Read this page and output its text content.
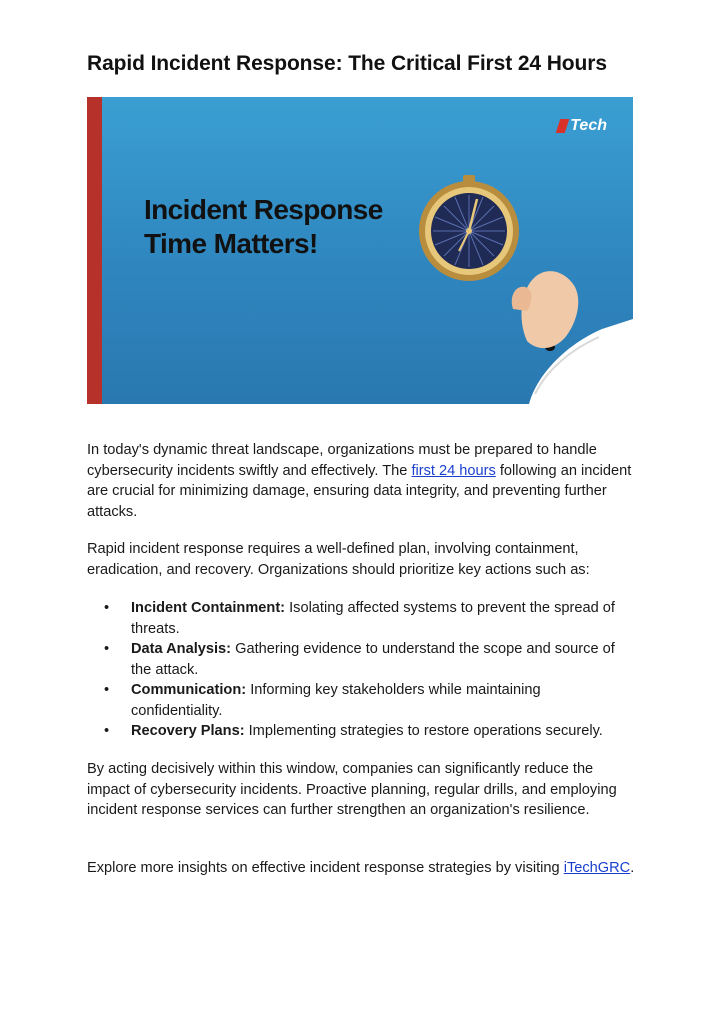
Rapid Incident Response: The Critical First 24 Hours
Tech
Incident Response
Time Matters!

In today's dynamic threat landscape, organizations must be prepared to handle cybersecurity incidents swiftly and effectively. The first 24 hours following an incident are crucial for minimizing damage, ensuring data integrity, and preventing further attacks.

Rapid incident response requires a well-defined plan, involving containment, eradication, and recovery. Organizations should prioritize key actions such as:

• Incident Containment: Isolating affected systems to prevent the spread of threats.
• Data Analysis: Gathering evidence to understand the scope and source of the attack.
• Communication: Informing key stakeholders while maintaining confidentiality.
• Recovery Plans: Implementing strategies to restore operations securely.

By acting decisively within this window, companies can significantly reduce the impact of cybersecurity incidents. Proactive planning, regular drills, and employing incident response services can further strengthen an organization's resilience.

Explore more insights on effective incident response strategies by visiting iTechGRC.
